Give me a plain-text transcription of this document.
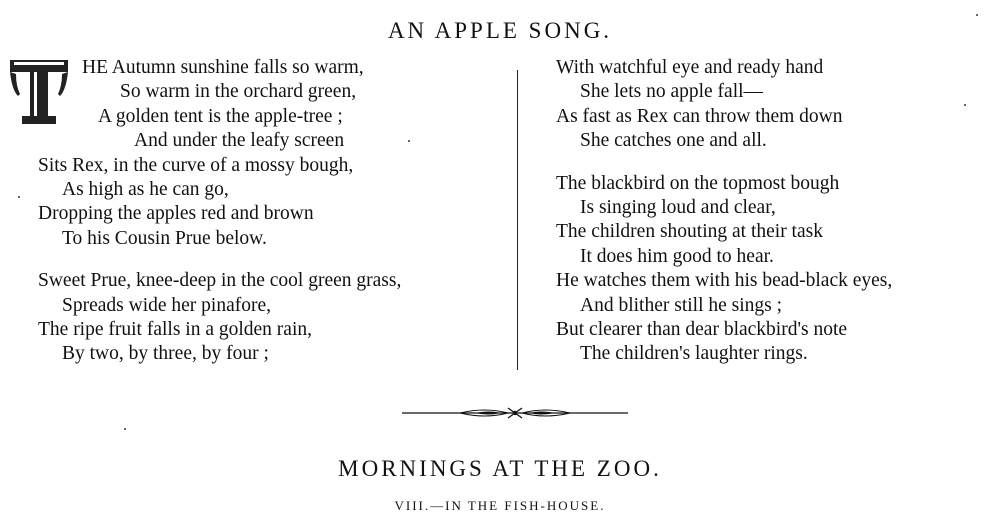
AN APPLE SONG.
T
HE Autumn sunshine falls so warm,
So warm in the orchard green,
A golden tent is the apple-tree ;
And under the leafy screen
Sits Rex, in the curve of a mossy bough,
As high as he can go,
Dropping the apples red and brown
To his Cousin Prue below.
Sweet Prue, knee-deep in the cool green grass,
Spreads wide her pinafore,
The ripe fruit falls in a golden rain,
By two, by three, by four ;
With watchful eye and ready hand
She lets no apple fall—
As fast as Rex can throw them down
She catches one and all.
The blackbird on the topmost bough
Is singing loud and clear,
The children shouting at their task
It does him good to hear.
He watches them with his bead-black eyes,
And blither still he sings ;
But clearer than dear blackbird's note
The children's laughter rings.
MORNINGS AT THE ZOO.
VIII.—IN THE FISH-HOUSE.
